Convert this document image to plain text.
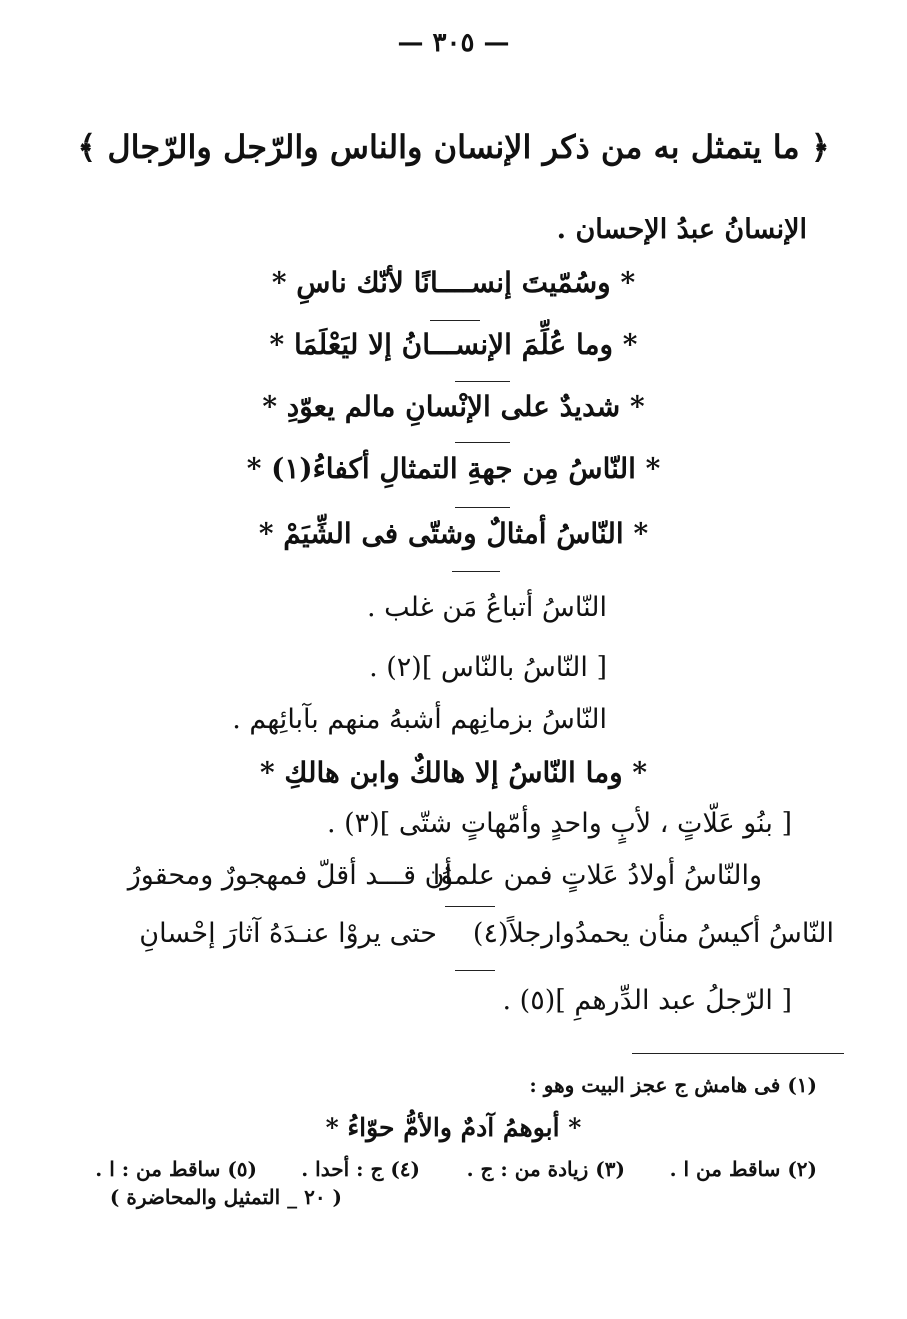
— ٣٠٥ —
﴿ ما يتمثل به من ذكر الإنسان والناس والرّجل والرّجال ﴾
الإنسانُ عبدُ الإحسان .
* وسُمّيتَ إنســــانًا لأنّك ناسِ *
* وما عُلِّمَ الإنســـانُ إلا ليَعْلَمَا *
* شديدٌ على الإنْسانِ مالم يعوّدِ *
* النّاسُ مِن جهةِ التمثالِ أكفاءُ(١) *
* النّاسُ أمثالٌ وشتّى فى الشِّيَمْ *
النّاسُ أتباعُ مَن غلب .
[ النّاسُ بالنّاس ](٢) .
النّاسُ بزمانِهم أشبهُ منهم بآبائِهم .
* وما النّاسُ إلا هالكٌ وابن هالكِ *
[ بنُو عَلّاتٍ ، لأبٍ واحدٍ وأمّهاتٍ شتّى ](٣) .
والنّاسُ أولادُ عَلاتٍ فمن علموُا
أن قـــد أقلّ فمهجورٌ ومحقورُ
النّاسُ أكيسُ منأن يحمدُوارجلاً(٤)
حتى يروْا عنـدَهُ آثارَ إحْسانِ
[ الرّجلُ عبد الدِّرهمِ ](٥) .
(١) فى هامش ج عجز البيت وهو :
* أبوهمُ آدمٌ والأمُّ حوّاءُ *
(٢) ساقط من ا .
(٣) زيادة من : ج .
(٤) ج : أحدا .
(٥) ساقط من : ا .
( ٢٠ _ التمثيل والمحاضرة )
